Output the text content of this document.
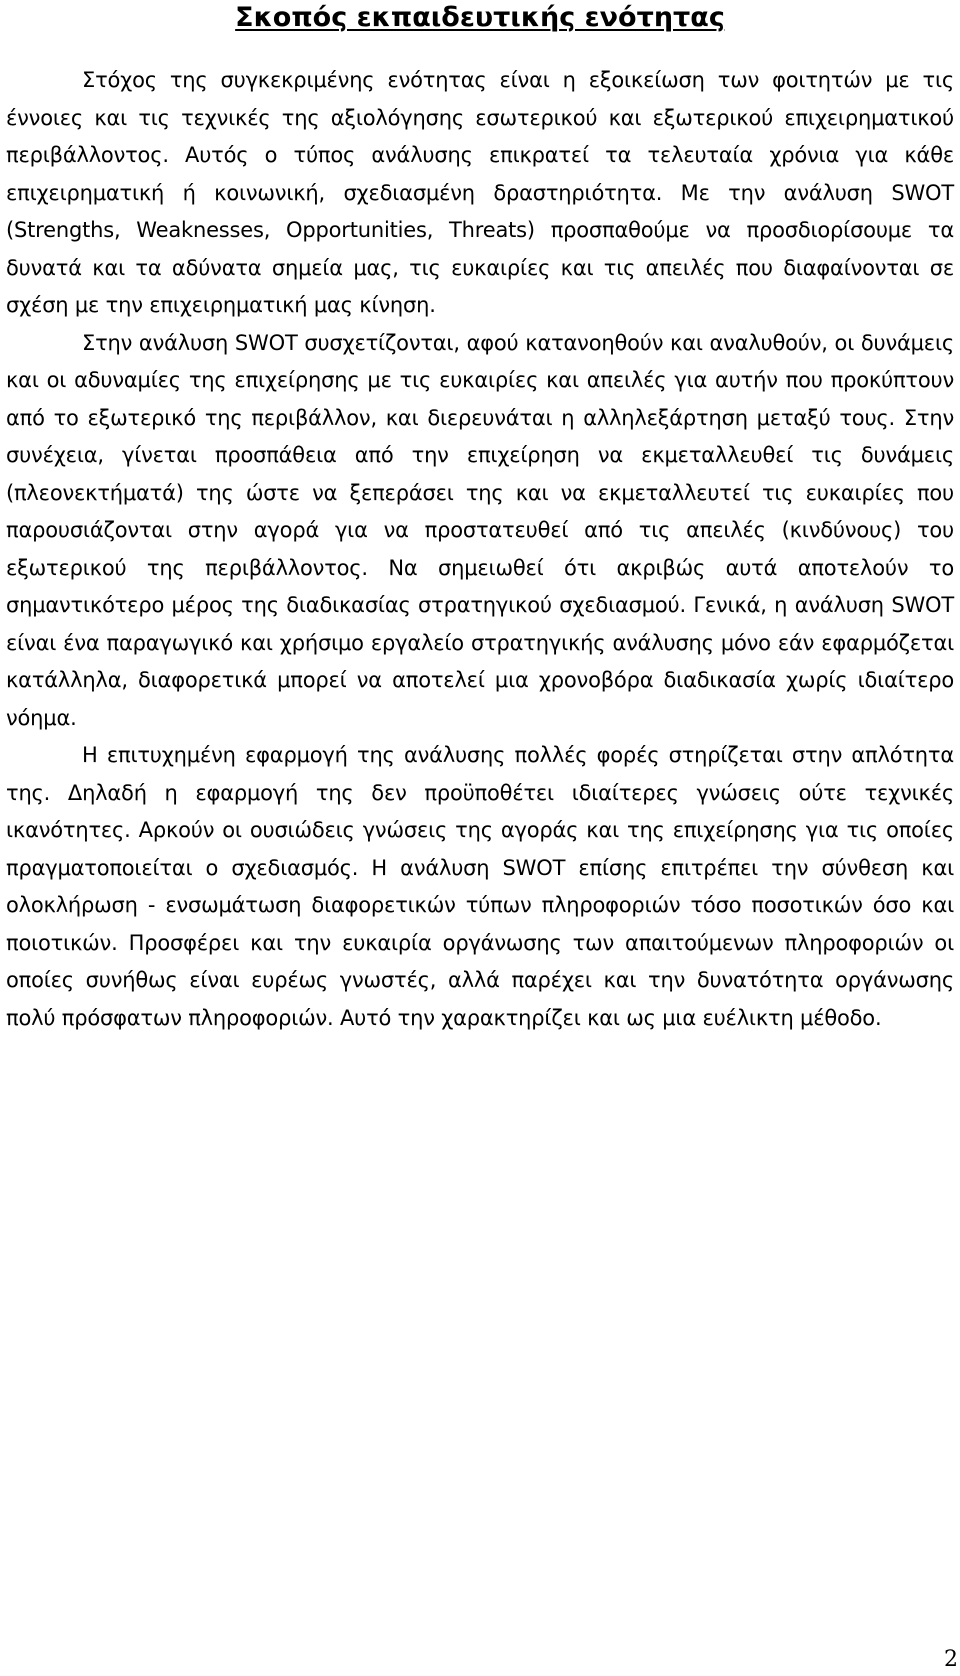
Σκοπός εκπαιδευτικής ενότητας

Στόχος της συγκεκριμένης ενότητας είναι η εξοικείωση των φοιτητών με τις έννοιες και τις τεχνικές της αξιολόγησης εσωτερικού και εξωτερικού επιχειρηματικού περιβάλλοντος. Αυτός ο τύπος ανάλυσης επικρατεί τα τελευταία χρόνια για κάθε επιχειρηματική ή κοινωνική, σχεδιασμένη δραστηριότητα. Με την ανάλυση SWOT (Strengths, Weaknesses, Opportunities, Threats) προσπαθούμε να προσδιορίσουμε τα δυνατά και τα αδύνατα σημεία μας, τις ευκαιρίες και τις απειλές που διαφαίνονται σε σχέση με την επιχειρηματική μας κίνηση.

Στην ανάλυση SWOT συσχετίζονται, αφού κατανοηθούν και αναλυθούν, οι δυνάμεις και οι αδυναμίες της επιχείρησης με τις ευκαιρίες και απειλές για αυτήν που προκύπτουν από το εξωτερικό της περιβάλλον, και διερευνάται η αλληλεξάρτηση μεταξύ τους. Στην συνέχεια, γίνεται προσπάθεια από την επιχείρηση να εκμεταλλευθεί τις δυνάμεις (πλεονεκτήματά) της ώστε να ξεπεράσει της και να εκμεταλλευτεί τις ευκαιρίες που παρουσιάζονται στην αγορά για να προστατευθεί από τις απειλές (κινδύνους) του εξωτερικού της περιβάλλοντος. Να σημειωθεί ότι ακριβώς αυτά αποτελούν το σημαντικότερο μέρος της διαδικασίας στρατηγικού σχεδιασμού. Γενικά, η ανάλυση SWOT είναι ένα παραγωγικό και χρήσιμο εργαλείο στρατηγικής ανάλυσης μόνο εάν εφαρμόζεται κατάλληλα, διαφορετικά μπορεί να αποτελεί μια χρονοβόρα διαδικασία χωρίς ιδιαίτερο νόημα.

Η επιτυχημένη εφαρμογή της ανάλυσης πολλές φορές στηρίζεται στην απλότητα της. Δηλαδή η εφαρμογή της δεν προϋποθέτει ιδιαίτερες γνώσεις ούτε τεχνικές ικανότητες. Αρκούν οι ουσιώδεις γνώσεις της αγοράς και της επιχείρησης για τις οποίες πραγματοποιείται ο σχεδιασμός. Η ανάλυση SWOT επίσης επιτρέπει την σύνθεση και ολοκλήρωση - ενσωμάτωση διαφορετικών τύπων πληροφοριών τόσο ποσοτικών όσο και ποιοτικών. Προσφέρει και την ευκαιρία οργάνωσης των απαιτούμενων πληροφοριών οι οποίες συνήθως είναι ευρέως γνωστές, αλλά παρέχει και την δυνατότητα οργάνωσης πολύ πρόσφατων πληροφοριών. Αυτό την χαρακτηρίζει και ως μια ευέλικτη μέθοδο.

2
